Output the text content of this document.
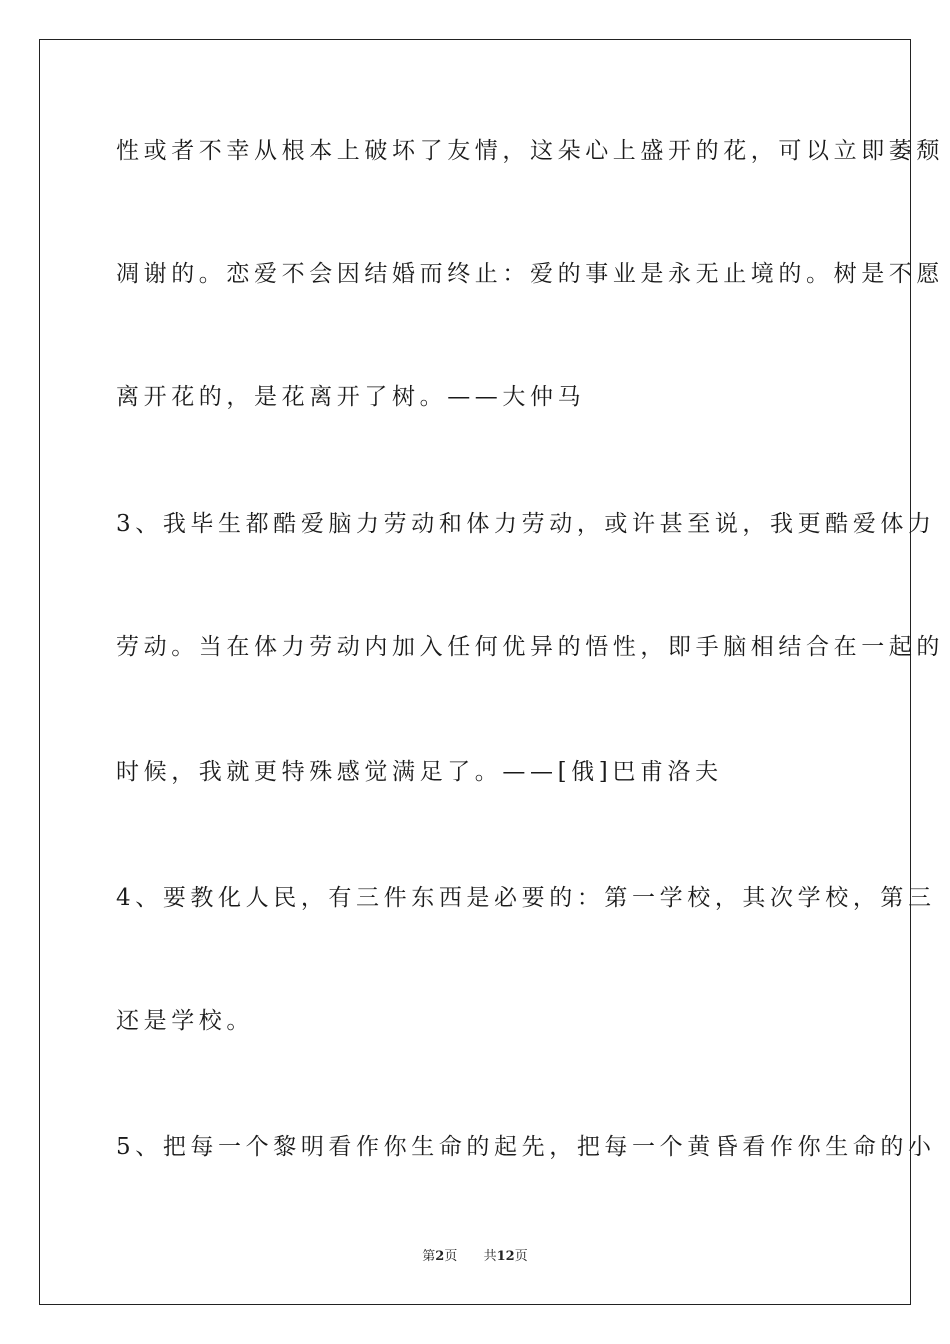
性或者不幸从根本上破坏了友情，这朵心上盛开的花，可以立即萎颓

凋谢的。恋爱不会因结婚而终止：爱的事业是永无止境的。树是不愿

离开花的，是花离开了树。——大仲马

3、我毕生都酷爱脑力劳动和体力劳动，或许甚至说，我更酷爱体力

劳动。当在体力劳动内加入任何优异的悟性，即手脑相结合在一起的

时候，我就更特殊感觉满足了。——[俄]巴甫洛夫

4、要教化人民，有三件东西是必要的：第一学校，其次学校，第三

还是学校。

5、把每一个黎明看作你生命的起先，把每一个黄昏看作你生命的小

第2页 共12页
